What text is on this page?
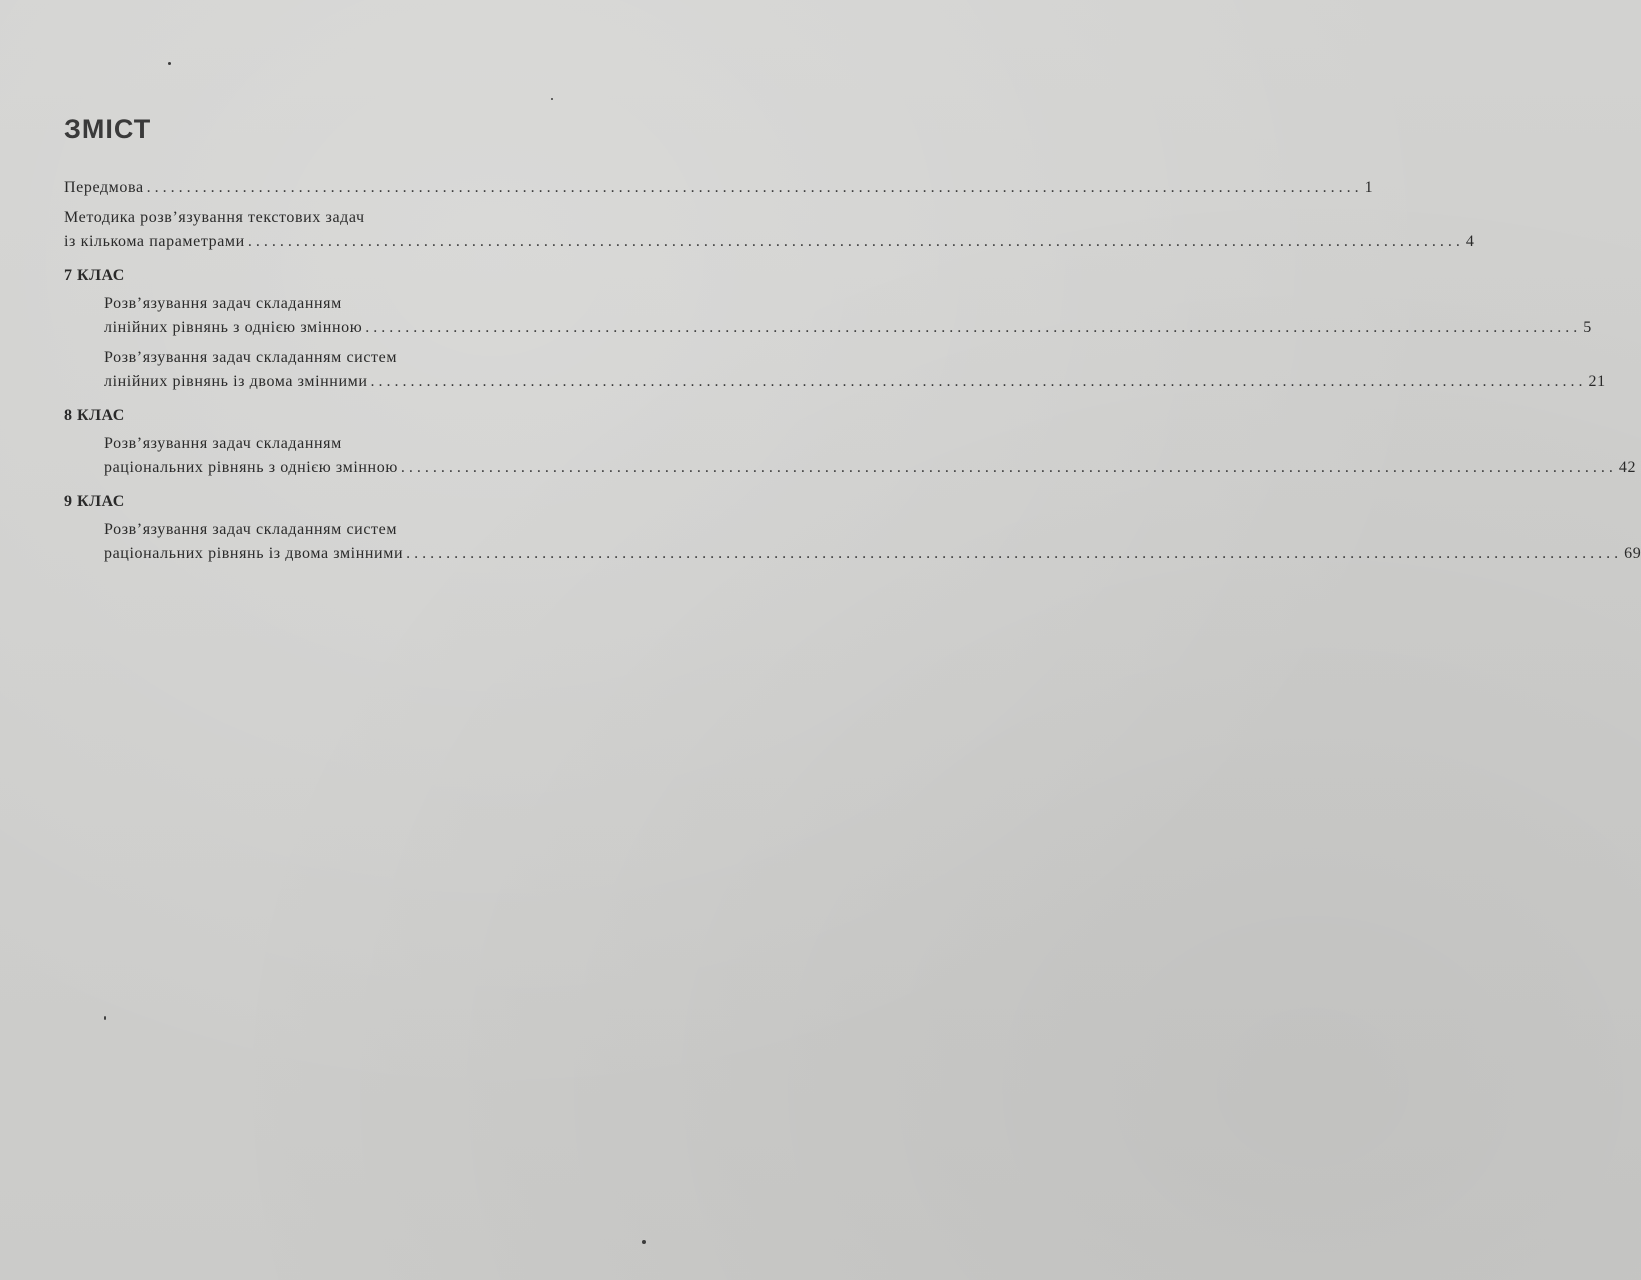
ЗМІСТ
Передмова ........................................................................................................................................................ 1
Методика розв’язування текстових задач
із кількома параметрами ........................................................................................................................................................ 4
7 КЛАС
Розв’язування задач складанням
лінійних рівнянь з однією змінною ........................................................................................................................................................ 5
Розв’язування задач складанням систем
лінійних рівнянь із двома змінними ........................................................................................................................................................ 21
8 КЛАС
Розв’язування задач складанням
раціональних рівнянь з однією змінною ........................................................................................................................................................ 42
9 КЛАС
Розв’язування задач складанням систем
раціональних рівнянь із двома змінними ........................................................................................................................................................ 69
